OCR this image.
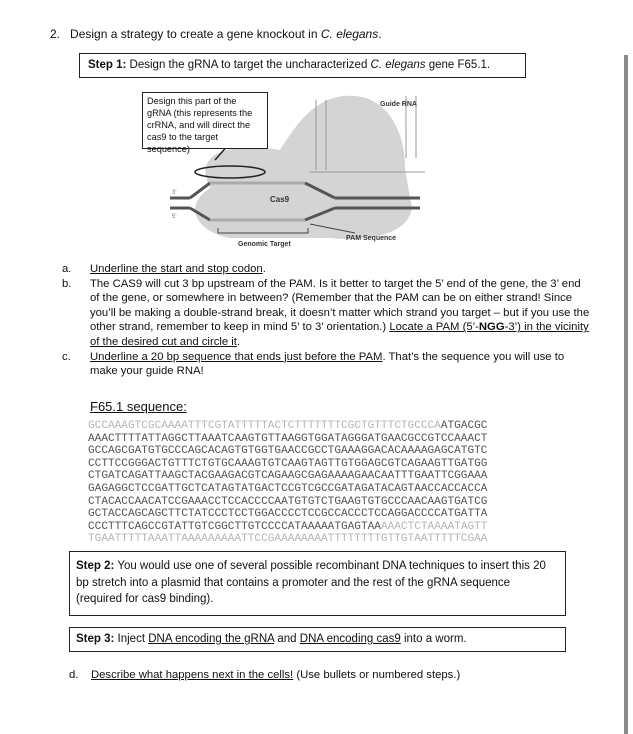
2. Design a strategy to create a gene knockout in C. elegans.
Step 1: Design the gRNA to target the uncharacterized C. elegans gene F65.1.
Cas9
Guide RNA
Genomic Target
PAM Sequence
3'
5'
Design this part of the gRNA (this represents the crRNA, and will direct the cas9 to the target sequence)
a. Underline the start and stop codon.
b. The CAS9 will cut 3 bp upstream of the PAM. Is it better to target the 5’ end of the gene, the 3’ end of the gene, or somewhere in between? (Remember that the PAM can be on either strand! Since you’ll be making a double-strand break, it doesn’t matter which strand you target – but if you use the other strand, remember to keep in mind 5’ to 3’ orientation.) Locate a PAM (5’-NGG-3’) in the vicinity of the desired cut and circle it.
c. Underline a 20 bp sequence that ends just before the PAM. That’s the sequence you will use to make your guide RNA!
F65.1 sequence:
GCCAAAGTCGCAAAATTTCGTATTTTTACTCTTTTTTTCGCTGTTTCTGCCCAATGACGC
AAACTTTTATTAGGCTTAAATCAAGTGTTAAGGTGGATAGGGATGAACGCCGTCCAAACT
GCCAGCGATGTGCCCAGCACAGTGTGGTGAACCGCCTGAAAGGACACAAAAGAGCATGTC
CCTTCCGGGACTGTTTCTGTGCAAAGTGTCAAGTAGTTGTGGAGCGTCAGAAGTTGATGG
CTGATCAGATTAAGCTACGAAGACGTCAGAAGCGAGAAAAGAACAATTTGAATTCGGAAA
GAGAGGCTCCGATTGCTCATAGTATGACTCCGTCGCCGATAGATACAGTAACCACCACCA
CTACACCAACATCCGAAACCTCCACCCCAATGTGTCTGAAGTGTGCCCAACAAGTGATCG
GCTACCAGCAGCTTCTATCCCTCCTGGACCCCTCCGCCACCCTCCAGGACCCCATGATTA
CCCTTTCAGCCGTATTGTCGGCTTGTCCCCATAAAAATGAGTAAAAACTCTAAAATAGTT
TGAATTTTTAAATTAAAAAAAAATTCCGAAAAAAAATTTTTTTTGTTGTAATTTTTCGAA
Step 2: You would use one of several possible recombinant DNA techniques to insert this 20 bp stretch into a plasmid that contains a promoter and the rest of the gRNA sequence (required for cas9 binding).
Step 3: Inject DNA encoding the gRNA and DNA encoding cas9 into a worm.
d. Describe what happens next in the cells! (Use bullets or numbered steps.)
